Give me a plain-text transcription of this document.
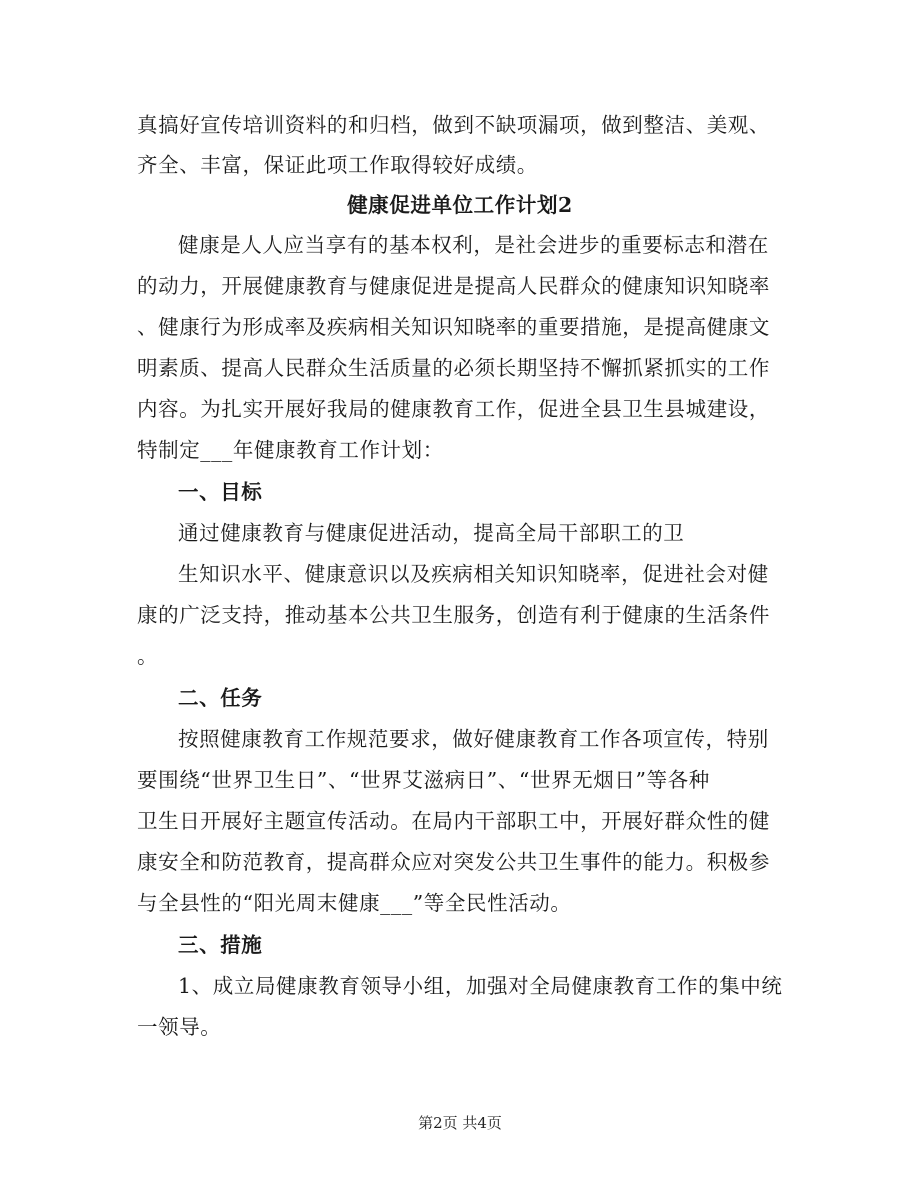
真搞好宣传培训资料的和归档，做到不缺项漏项，做到整洁、美观、
齐全、丰富，保证此项工作取得较好成绩。
健康促进单位工作计划2
健康是人人应当享有的基本权利，是社会进步的重要标志和潜在
的动力，开展健康教育与健康促进是提高人民群众的健康知识知晓率
、健康行为形成率及疾病相关知识知晓率的重要措施，是提高健康文
明素质、提高人民群众生活质量的必须长期坚持不懈抓紧抓实的工作
内容。为扎实开展好我局的健康教育工作，促进全县卫生县城建设，
特制定___年健康教育工作计划：
一、目标
通过健康教育与健康促进活动，提高全局干部职工的卫
生知识水平、健康意识以及疾病相关知识知晓率，促进社会对健
康的广泛支持，推动基本公共卫生服务，创造有利于健康的生活条件
。
二、任务
按照健康教育工作规范要求，做好健康教育工作各项宣传，特别
要围绕“世界卫生日”、“世界艾滋病日”、“世界无烟日”等各种
卫生日开展好主题宣传活动。在局内干部职工中，开展好群众性的健
康安全和防范教育，提高群众应对突发公共卫生事件的能力。积极参
与全县性的“阳光周末健康___”等全民性活动。
三、措施
1、成立局健康教育领导小组，加强对全局健康教育工作的集中统
一领导。
第2页 共4页
